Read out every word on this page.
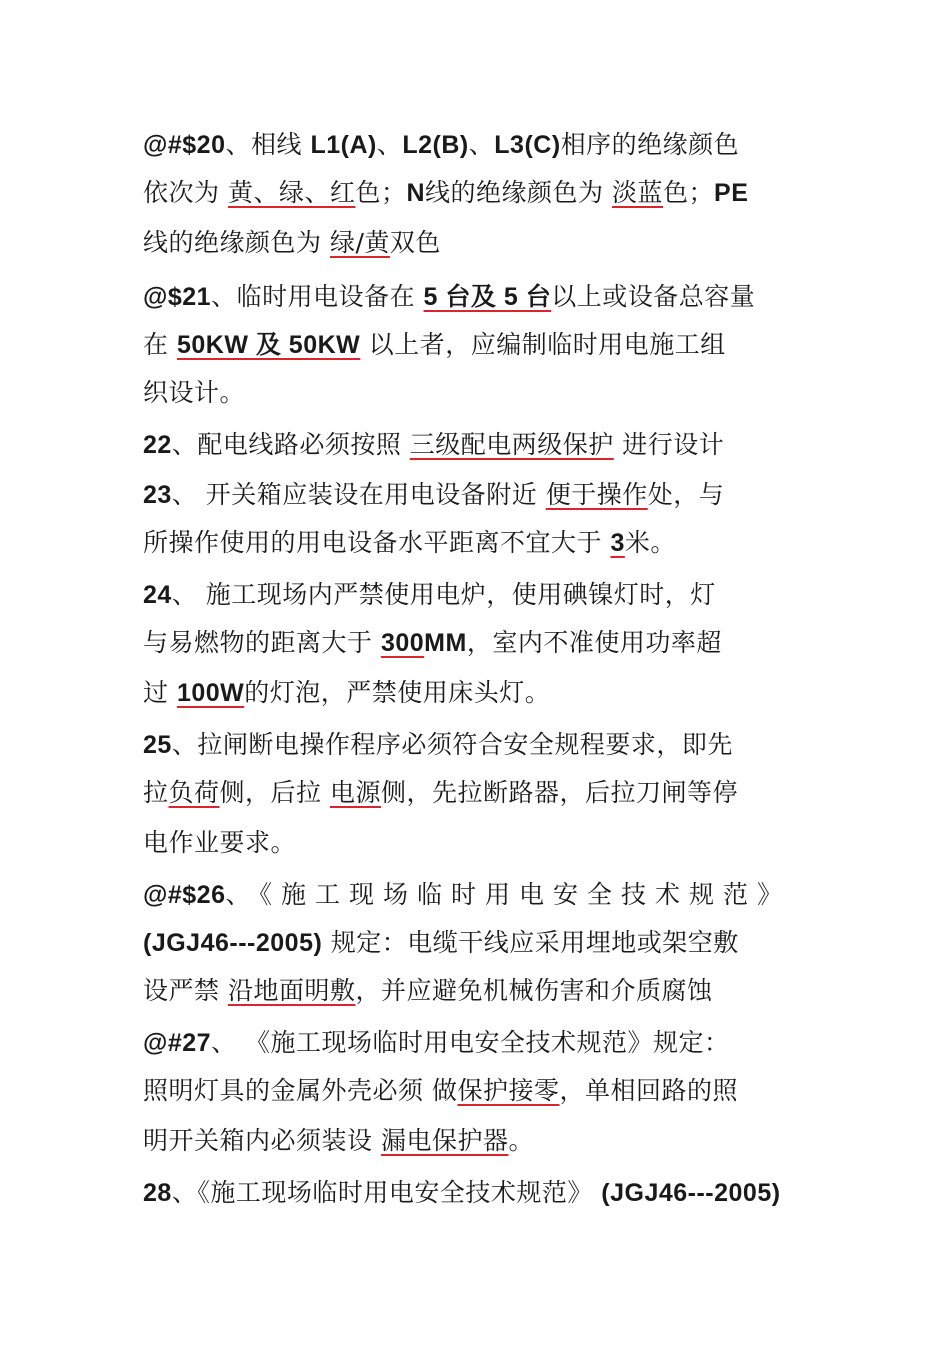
@#$20、相线 L1(A)、L2(B)、L3(C)相序的绝缘颜色
依次为 黄、绿、红色；N线的绝缘颜色为 淡蓝色；PE
线的绝缘颜色为 绿/黄双色
@$21、临时用电设备在 5 台及 5 台以上或设备总容量
在 50KW 及 50KW 以上者，应编制临时用电施工组
织设计。
22、配电线路必须按照 三级配电两级保护 进行设计
23、 开关箱应装设在用电设备附近 便于操作处，与
所操作使用的用电设备水平距离不宜大于 3米。
24、 施工现场内严禁使用电炉，使用碘镍灯时，灯
与易燃物的距离大于 300MM，室内不准使用功率超
过 100W的灯泡，严禁使用床头灯。
25、拉闸断电操作程序必须符合安全规程要求，即先
拉负荷侧，后拉 电源侧，先拉断路器，后拉刀闸等停
电作业要求。
@#$26、《施工现场临时用电安全技术规范》
(JGJ46---2005) 规定：电缆干线应采用埋地或架空敷
设严禁 沿地面明敷，并应避免机械伤害和介质腐蚀
@#27、 《施工现场临时用电安全技术规范》规定：
照明灯具的金属外壳必须 做保护接零，单相回路的照
明开关箱内必须装设 漏电保护器。
28、《施工现场临时用电安全技术规范》 (JGJ46---2005)
